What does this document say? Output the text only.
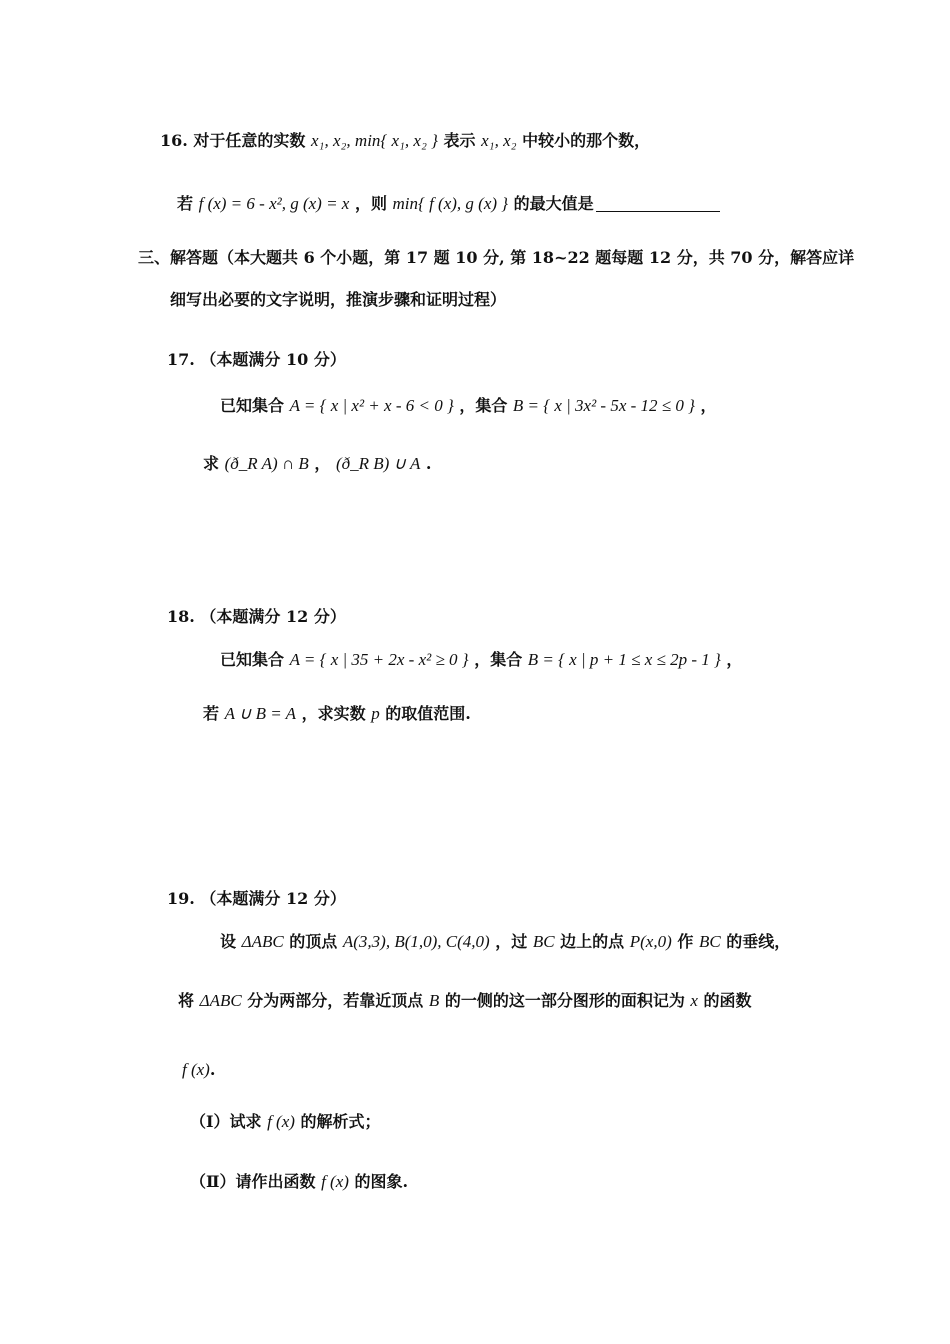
16. 对于任意的实数 x₁, x₂, min{ x₁, x₂ } 表示 x₁, x₂ 中较小的那个数，
若 f (x) = 6 - x², g (x) = x ，则 min{ f (x), g (x) } 的最大值是
三、解答题（本大题共 6 个小题，第 17 题 10 分, 第 18~22 题每题 12 分，共 70 分，解答应详
细写出必要的文字说明，推演步骤和证明过程）
17. （本题满分 10 分）
已知集合 A = { x | x² + x - 6 < 0 } ，集合 B = { x | 3x² - 5x - 12 ≤ 0 } ，
求 (ð_R A) ∩ B ， (ð_R B) ∪ A .
18. （本题满分 12 分）
已知集合 A = { x | 35 + 2x - x² ≥ 0 } ，集合 B = { x | p + 1 ≤ x ≤ 2p - 1 } ，
若 A ∪ B = A ，求实数 p 的取值范围.
19. （本题满分 12 分）
设 ΔABC 的顶点 A(3,3), B(1,0), C(4,0) ，过 BC 边上的点 P(x,0) 作 BC 的垂线，
将 ΔABC 分为两部分，若靠近顶点 B 的一侧的这一部分图形的面积记为 x 的函数
f (x).
（Ⅰ）试求 f (x) 的解析式；
（Ⅱ）请作出函数 f (x) 的图象.
